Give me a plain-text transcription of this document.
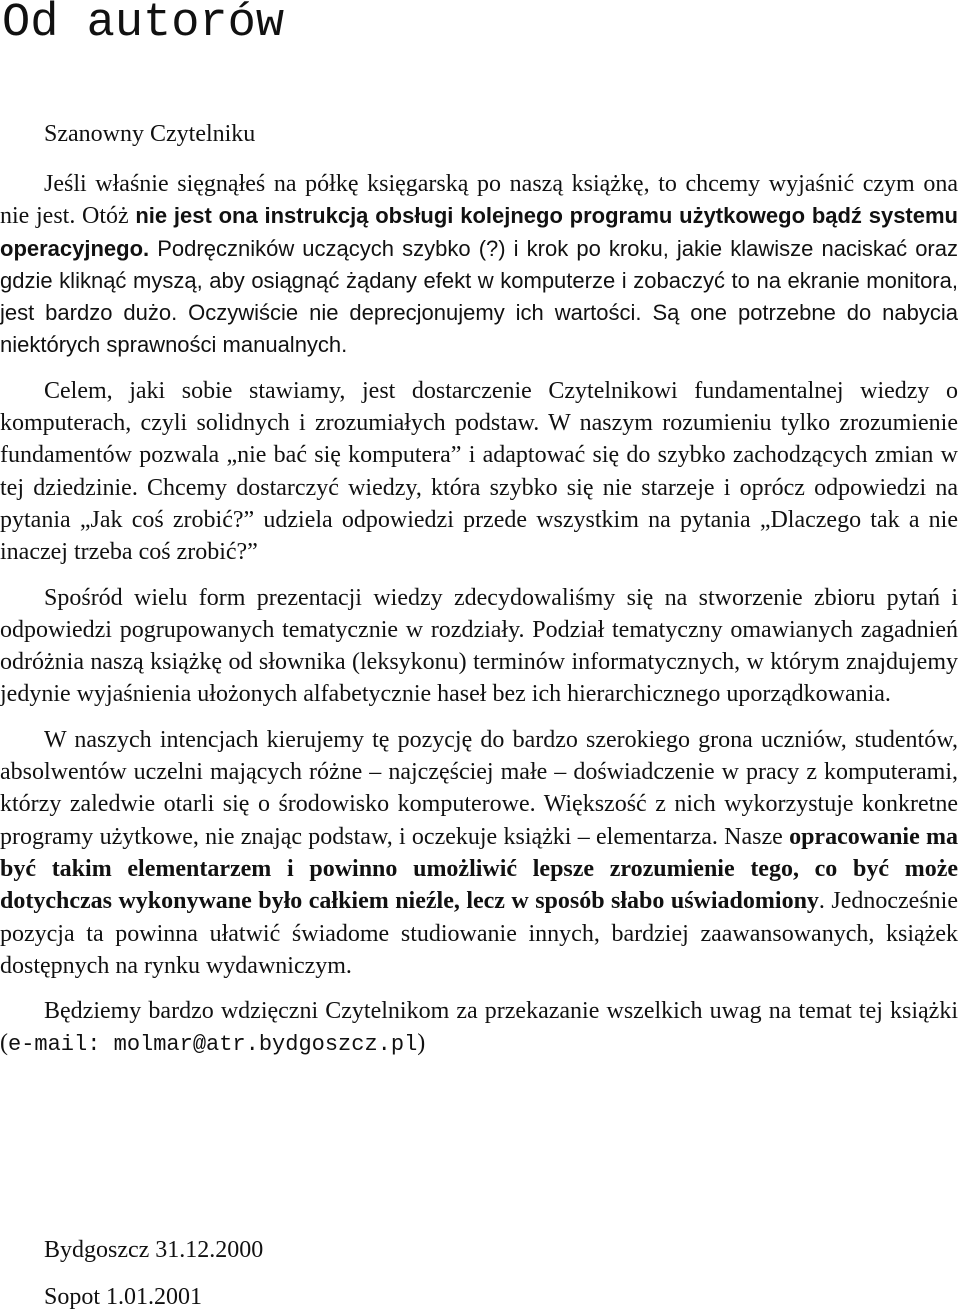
Od autorów
Szanowny Czytelniku

Jeśli właśnie sięgnąłeś na półkę księgarską po naszą książkę, to chcemy wyjaśnić czym ona nie jest. Otóż nie jest ona instrukcją obsługi kolejnego programu użytkowego bądź systemu operacyjnego. Podręczników uczących szybko (?) i krok po kroku, jakie klawisze naciskać oraz gdzie kliknąć myszą, aby osiągnąć żądany efekt w komputerze i zobaczyć to na ekranie monitora, jest bardzo dużo. Oczywiście nie deprecjonujemy ich wartości. Są one potrzebne do nabycia niektórych sprawności manualnych.

Celem, jaki sobie stawiamy, jest dostarczenie Czytelnikowi fundamentalnej wiedzy o komputerach, czyli solidnych i zrozumiałych podstaw. W naszym rozumieniu tylko zrozumienie fundamentów pozwala „nie bać się komputera” i adaptować się do szybko zachodzących zmian w tej dziedzinie. Chcemy dostarczyć wiedzy, która szybko się nie starzeje i oprócz odpowiedzi na pytania „Jak coś zrobić?” udziela odpowiedzi przede wszystkim na pytania „Dlaczego tak a nie inaczej trzeba coś zrobić?”

Spośród wielu form prezentacji wiedzy zdecydowaliśmy się na stworzenie zbioru pytań i odpowiedzi pogrupowanych tematycznie w rozdziały. Podział tematyczny omawianych zagadnień odróżnia naszą książkę od słownika (leksykonu) terminów informatycznych, w którym znajdujemy jedynie wyjaśnienia ułożonych alfabetycznie haseł bez ich hierarchicznego uporządkowania.

W naszych intencjach kierujemy tę pozycję do bardzo szerokiego grona uczniów, studentów, absolwentów uczelni mających różne – najczęściej małe – doświadczenie w pracy z komputerami, którzy zaledwie otarli się o środowisko komputerowe. Większość z nich wykorzystuje konkretne programy użytkowe, nie znając podstaw, i oczekuje książki – elementarza. Nasze opracowanie ma być takim elementarzem i powinno umożliwić lepsze zrozumienie tego, co być może dotychczas wykonywane było całkiem nieźle, lecz w sposób słabo uświadomiony. Jednocześnie pozycja ta powinna ułatwić świadome studiowanie innych, bardziej zaawansowanych, książek dostępnych na rynku wydawniczym.

Będziemy bardzo wdzięczni Czytelnikom za przekazanie wszelkich uwag na temat tej książki (e-mail: molmar@atr.bydgoszcz.pl)

Bydgoszcz 31.12.2000
Sopot 1.01.2001
